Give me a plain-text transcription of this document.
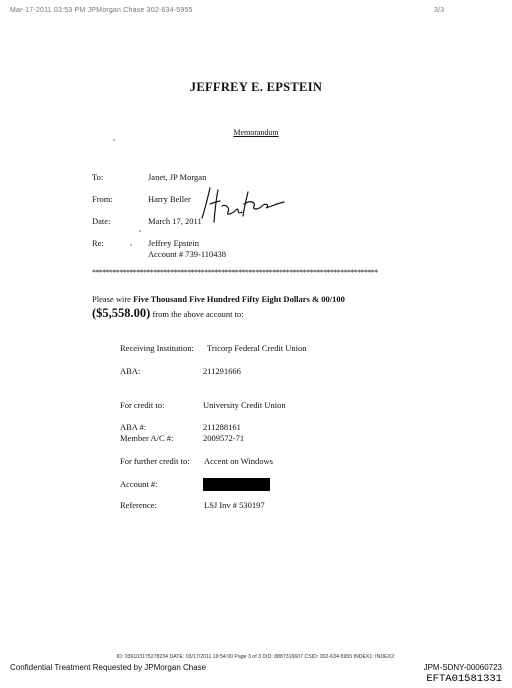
Mar-17-2011 03:53 PM JPMorgan Chase 302-634-5955	3/3
JEFFREY E. EPSTEIN
Memorandum
To:	Janet, JP Morgan
From:	Harry Beller
Date:	March 17, 2011
Re:	, Jeffrey Epstein
Account # 739-110438
************************************************************************************
Please wire Five Thousand Five Hundred Fifty Eight Dollars & 00/100
($5,558.00) from the above account to:
Receiving Institution: Tricorp Federal Credit Union
ABA:	211291666
For credit to:	University Credit Union
ABA #:	211288161
Member A/C #:	2009572-71
For further credit to: Accent on Windows
Account #:
Reference:	LSJ Inv # 530197
ID: 036103175278234 DATE: 03/17/2011 19:54:00 Page 3 of 3 DID: 8887316607 CSID: 302-634-5955 INDEX1: INDEX2:
Confidential Treatment Requested by JPMorgan Chase	JPM-SDNY-00060723
EFTA01581331
